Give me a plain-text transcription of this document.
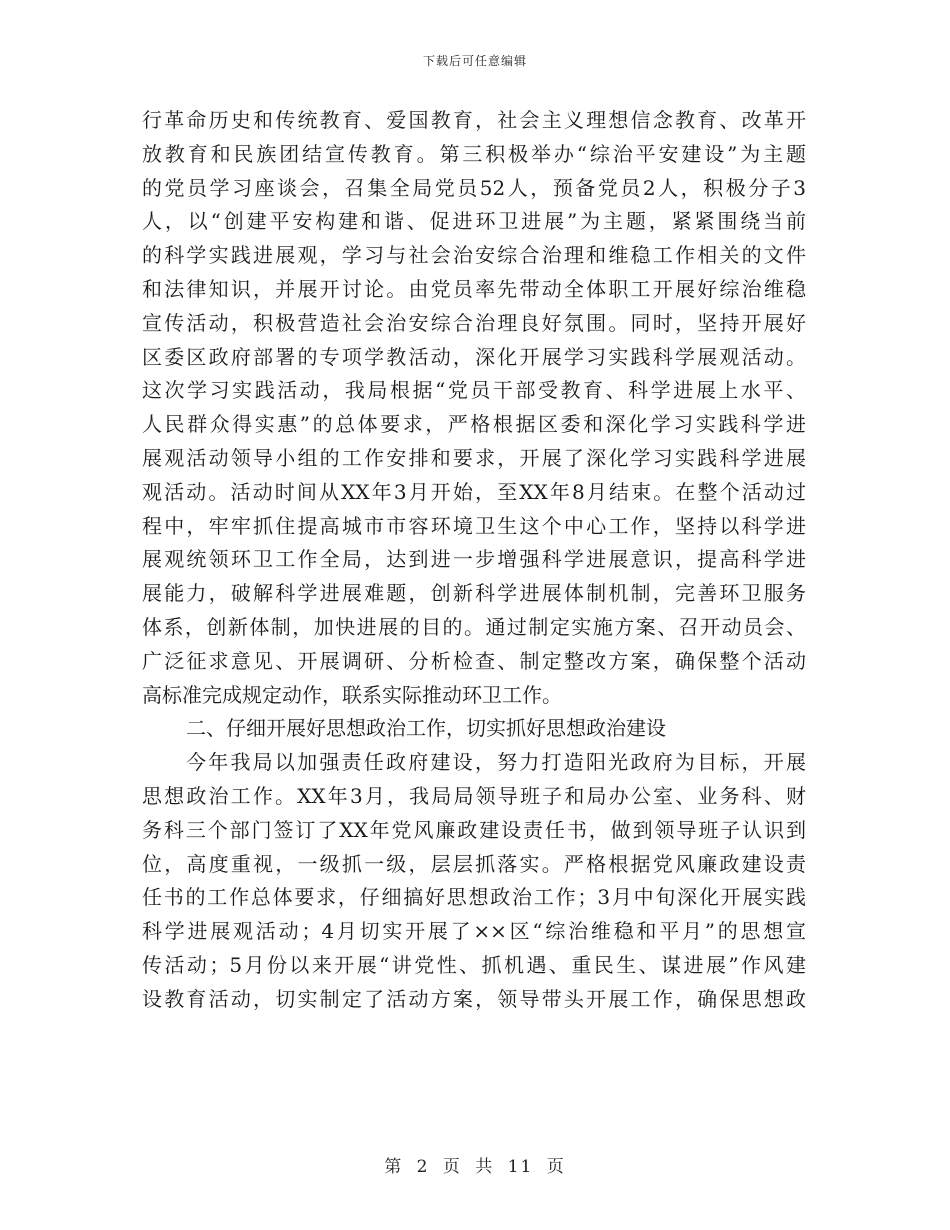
下载后可任意编辑
行革命历史和传统教育、爱国教育，社会主义理想信念教育、改革开
放教育和民族团结宣传教育。第三积极举办“综治平安建设”为主题
的党员学习座谈会，召集全局党员52人，预备党员2人，积极分子3
人，以“创建平安构建和谐、促进环卫进展”为主题，紧紧围绕当前
的科学实践进展观，学习与社会治安综合治理和维稳工作相关的文件
和法律知识，并展开讨论。由党员率先带动全体职工开展好综治维稳
宣传活动，积极营造社会治安综合治理良好氛围。同时，坚持开展好
区委区政府部署的专项学教活动，深化开展学习实践科学展观活动。
这次学习实践活动，我局根据“党员干部受教育、科学进展上水平、
人民群众得实惠”的总体要求，严格根据区委和深化学习实践科学进
展观活动领导小组的工作安排和要求，开展了深化学习实践科学进展
观活动。活动时间从XX年3月开始，至XX年8月结束。在整个活动过
程中，牢牢抓住提高城市市容环境卫生这个中心工作，坚持以科学进
展观统领环卫工作全局，达到进一步增强科学进展意识，提高科学进
展能力，破解科学进展难题，创新科学进展体制机制，完善环卫服务
体系，创新体制，加快进展的目的。通过制定实施方案、召开动员会、
广泛征求意见、开展调研、分析检查、制定整改方案，确保整个活动
高标准完成规定动作，联系实际推动环卫工作。
二、仔细开展好思想政治工作，切实抓好思想政治建设
今年我局以加强责任政府建设，努力打造阳光政府为目标，开展
思想政治工作。XX年3月，我局局领导班子和局办公室、业务科、财
务科三个部门签订了XX年党风廉政建设责任书，做到领导班子认识到
位，高度重视，一级抓一级，层层抓落实。严格根据党风廉政建设责
任书的工作总体要求，仔细搞好思想政治工作；3月中旬深化开展实践
科学进展观活动；4月切实开展了××区“综治维稳和平月”的思想宣
传活动；5月份以来开展“讲党性、抓机遇、重民生、谋进展”作风建
设教育活动，切实制定了活动方案，领导带头开展工作，确保思想政
第 2 页 共 11 页
